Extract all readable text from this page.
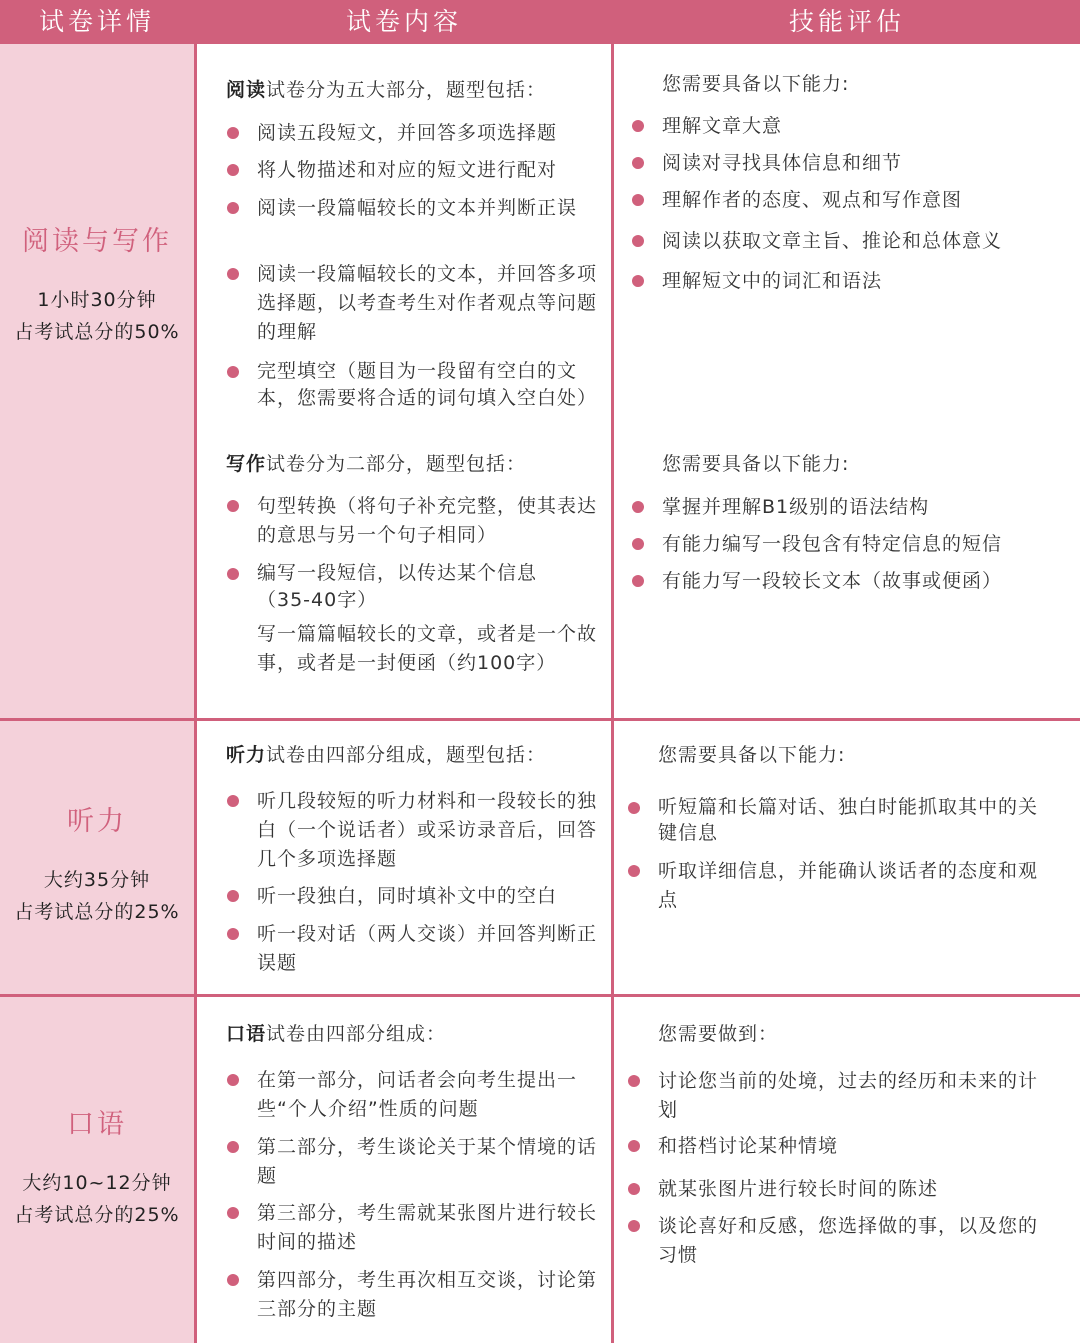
试卷详情	试卷内容	技能评估
阅读与写作
1小时30分钟
占考试总分的50%
听力
大约35分钟
占考试总分的25%
口语
大约10~12分钟
占考试总分的25%
阅读试卷分为五大部分，题型包括：
阅读五段短文，并回答多项选择题
将人物描述和对应的短文进行配对
阅读一段篇幅较长的文本并判断正误
阅读一段篇幅较长的文本，并回答多项选择题，以考查考生对作者观点等问题的理解
完型填空（题目为一段留有空白的文本，您需要将合适的词句填入空白处）
您需要具备以下能力:
理解文章大意
阅读对寻找具体信息和细节
理解作者的态度、观点和写作意图
阅读以获取文章主旨、推论和总体意义
理解短文中的词汇和语法
写作试卷分为二部分，题型包括：
句型转换（将句子补充完整，使其表达的意思与另一个句子相同）
编写一段短信，以传达某个信息（35-40字）
写一篇篇幅较长的文章，或者是一个故事，或者是一封便函（约100字）
您需要具备以下能力:
掌握并理解B1级别的语法结构
有能力编写一段包含有特定信息的短信
有能力写一段较长文本（故事或便函）
听力试卷由四部分组成，题型包括：
听几段较短的听力材料和一段较长的独白（一个说话者）或采访录音后，回答几个多项选择题
听一段独白，同时填补文中的空白
听一段对话（两人交谈）并回答判断正误题
您需要具备以下能力:
听短篇和长篇对话、独白时能抓取其中的关键信息
听取详细信息，并能确认谈话者的态度和观点
口语试卷由四部分组成：
在第一部分，问话者会向考生提出一些“个人介绍”性质的问题
第二部分，考生谈论关于某个情境的话题
第三部分，考生需就某张图片进行较长时间的描述
第四部分，考生再次相互交谈，讨论第三部分的主题
您需要做到：
讨论您当前的处境，过去的经历和未来的计划
和搭档讨论某种情境
就某张图片进行较长时间的陈述
谈论喜好和反感，您选择做的事，以及您的习惯
